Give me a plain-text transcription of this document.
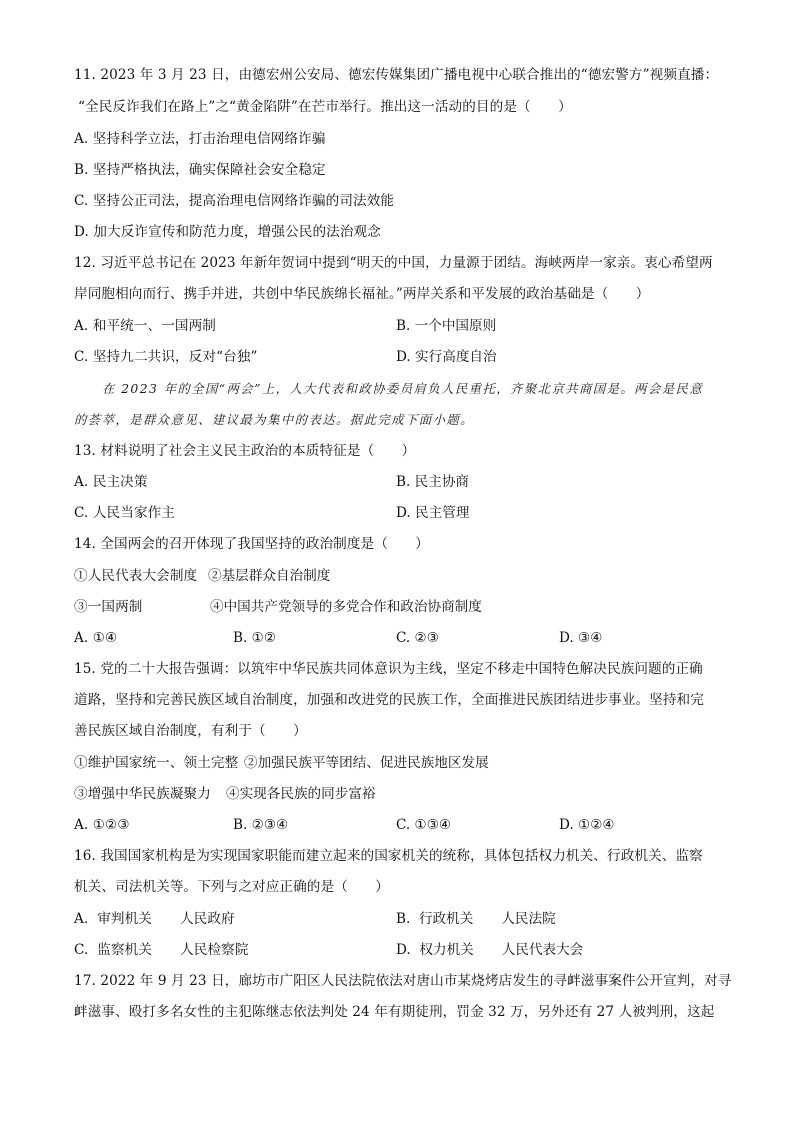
11. 2023 年 3 月 23 日，由德宏州公安局、德宏传媒集团广播电视中心联合推出的“德宏警方”视频直播：
“全民反诈我们在路上”之“黄金陷阱”在芒市举行。推出这一活动的目的是（　　）
A. 坚持科学立法，打击治理电信网络诈骗
B. 坚持严格执法，确实保障社会安全稳定
C. 坚持公正司法，提高治理电信网络诈骗的司法效能
D. 加大反诈宣传和防范力度，增强公民的法治观念
12. 习近平总书记在 2023 年新年贺词中提到“明天的中国，力量源于团结。海峡两岸一家亲。衷心希望两
岸同胞相向而行、携手并进，共创中华民族绵长福祉。”两岸关系和平发展的政治基础是（　　）
A. 和平统一、一国两制	B. 一个中国原则
C. 坚持九二共识，反对“台独”	D. 实行高度自治
在 2023 年的全国“两会”上，人大代表和政协委员肩负人民重托，齐聚北京共商国是。两会是民意
的荟萃，是群众意见、建议最为集中的表达。据此完成下面小题。
13. 材料说明了社会主义民主政治的本质特征是（　　）
A. 民主决策	B. 民主协商
C. 人民当家作主	D. 民主管理
14. 全国两会的召开体现了我国坚持的政治制度是（　　）
①人民代表大会制度 ②基层群众自治制度
③一国两制	④中国共产党领导的多党合作和政治协商制度
A. ①④	B. ①②	C. ②③	D. ③④
15. 党的二十大报告强调：以筑牢中华民族共同体意识为主线，坚定不移走中国特色解决民族问题的正确
道路，坚持和完善民族区域自治制度，加强和改进党的民族工作，全面推进民族团结进步事业。坚持和完
善民族区域自治制度，有利于（　　）
①维护国家统一、领土完整 ②加强民族平等团结、促进民族地区发展
③增强中华民族凝聚力 ④实现各民族的同步富裕
A. ①②③	B. ②③④	C. ①③④	D. ①②④
16. 我国国家机构是为实现国家职能而建立起来的国家机关的统称，具体包括权力机关、行政机关、监察
机关、司法机关等。下列与之对应正确的是（　　）
A. 审判机关 人民政府	B. 行政机关 人民法院
C. 监察机关 人民检察院	D. 权力机关 人民代表大会
17. 2022 年 9 月 23 日，廊坊市广阳区人民法院依法对唐山市某烧烤店发生的寻衅滋事案件公开宣判，对寻
衅滋事、殴打多名女性的主犯陈继志依法判处 24 年有期徒刑，罚金 32 万，另外还有 27 人被判刑，这起
